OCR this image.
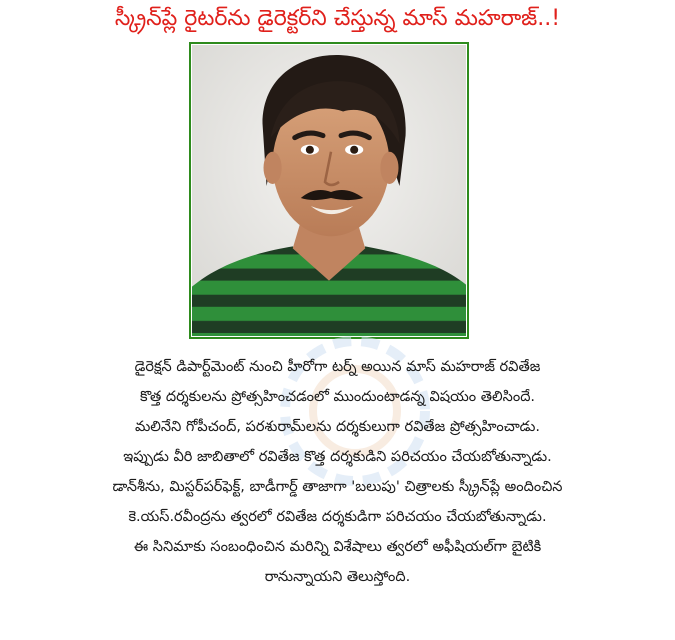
స్క్రీన్‌ప్లే రైటర్‌ను డైరెక్టర్‌ని చేస్తున్న మాస్ మహరాజ్..!

డైరెక్షన్ డిపార్ట్‌మెంట్ నుంచి హీరోగా టర్న్ అయిన మాస్ మహరాజ్ రవితేజ

కొత్త దర్శకులను ప్రోత్సహించడంలో ముందుంటాడన్న విషయం తెలిసిందే.

మలినేని గోపీచంద్, పరశురామ్‌లను దర్శకులుగా రవితేజ ప్రోత్సహించాడు.

ఇప్పుడు వీరి జాబితాలో రవితేజ కొత్త దర్శకుడిని పరిచయం చేయబోతున్నాడు.

డాన్‌శీను, మిస్టర్‌పర్‌ఫెక్ట్, బాడీగార్డ్ తాజాగా 'బలుపు' చిత్రాలకు స్క్రీన్‌ప్లే అందించిన

కె.యస్.రవీంద్రను త్వరలో రవితేజ దర్శకుడిగా పరిచయం చేయబోతున్నాడు.

ఈ సినిమాకు సంబంధించిన మరిన్ని విశేషాలు త్వరలో అఫీషియల్‌గా బైటికి

రానున్నాయని తెలుస్తోంది.
